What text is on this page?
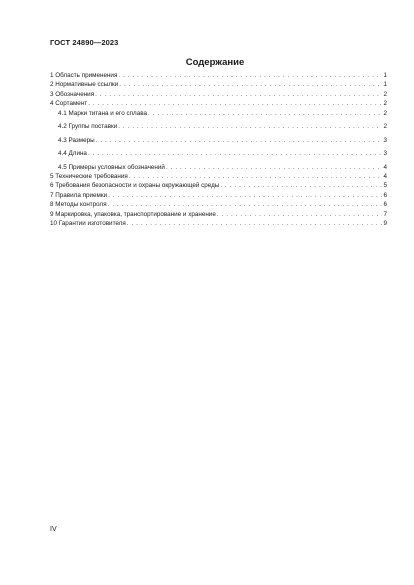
ГОСТ 24890—2023
Содержание
1 Область применения . . .	1
2 Нормативные ссылки . . .	1
3 Обозначения . . .	2
4 Сортамент . . .	2
4.1 Марки титана и его сплава . . .	2
4.2 Группы поставки . . .	2
4.3 Размеры . . .	3
4.4 Длина . . .	3
4.5 Примеры условных обозначений . . .	4
5 Технические требования . . .	4
6 Требования безопасности и охраны окружающей среды . . .	5
7 Правила приемки . . .	6
8 Методы контроля . . .	6
9 Маркировка, упаковка, транспортирование и хранение . . .	7
10 Гарантии изготовителя . . .	9
IV
